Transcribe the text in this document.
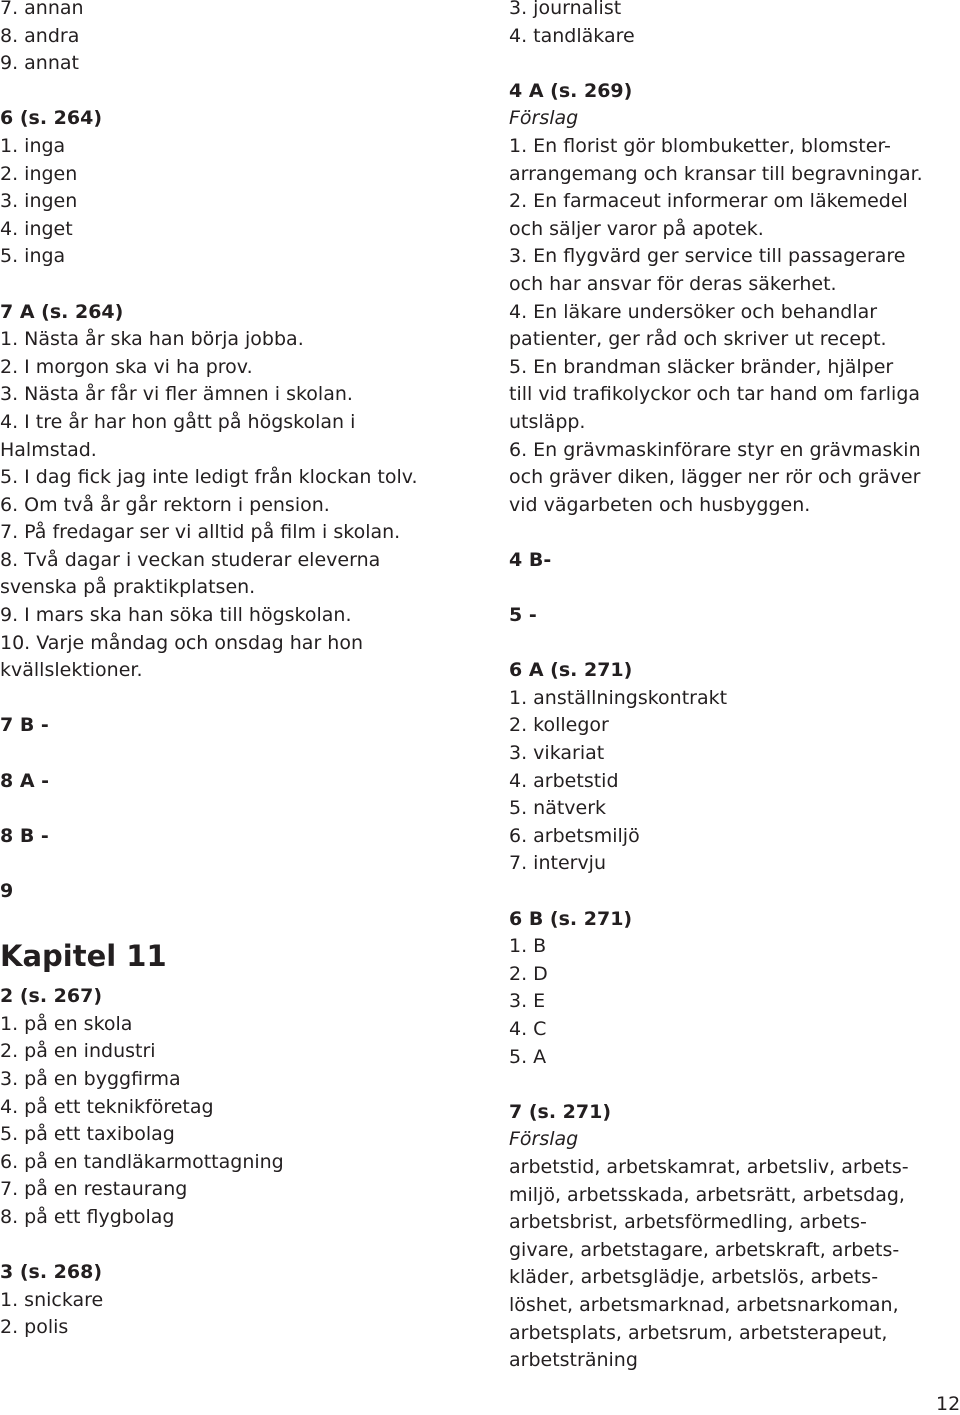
7. annan
8. andra
9. annat
6 (s. 264)
1. inga
2. ingen
3. ingen
4. inget
5. inga
7 A (s. 264)
1. Nästa år ska han börja jobba.
2. I morgon ska vi ha prov.
3. Nästa år får vi fler ämnen i skolan.
4. I tre år har hon gått på högskolan i
Halmstad.
5. I dag fick jag inte ledigt från klockan tolv.
6. Om två år går rektorn i pension.
7. På fredagar ser vi alltid på film i skolan.
8. Två dagar i veckan studerar eleverna
svenska på praktikplatsen.
9. I mars ska han söka till högskolan.
10. Varje måndag och onsdag har hon
kvällslektioner.
7 B -
8 A -
8 B -
9
Kapitel 11
2 (s. 267)
1. på en skola
2. på en industri
3. på en byggfirma
4. på ett teknikföretag
5. på ett taxibolag
6. på en tandläkarmottagning
7. på en restaurang
8. på ett flygbolag
3 (s. 268)
1. snickare
2. polis
3. journalist
4. tandläkare
4 A (s. 269)
Förslag
1. En florist gör blombuketter, blomster-
arrangemang och kransar till begravningar.
2. En farmaceut informerar om läkemedel
och säljer varor på apotek.
3. En flygvärd ger service till passagerare
och har ansvar för deras säkerhet.
4. En läkare undersöker och behandlar
patienter, ger råd och skriver ut recept.
5. En brandman släcker bränder, hjälper
till vid trafikolyckor och tar hand om farliga
utsläpp.
6. En grävmaskinförare styr en grävmaskin
och gräver diken, lägger ner rör och gräver
vid vägarbeten och husbyggen.
4 B-
5 -
6 A (s. 271)
1. anställningskontrakt
2. kollegor
3. vikariat
4. arbetstid
5. nätverk
6. arbetsmiljö
7. intervju
6 B (s. 271)
1. B
2. D
3. E
4. C
5. A
7 (s. 271)
Förslag
arbetstid, arbetskamrat, arbetsliv, arbets-
miljö, arbetsskada, arbetsrätt, arbetsdag,
arbetsbrist, arbetsförmedling, arbets-
givare, arbetstagare, arbetskraft, arbets-
kläder, arbetsglädje, arbetslös, arbets-
löshet, arbetsmarknad, arbetsnarkoman,
arbetsplats, arbetsrum, arbetsterapeut,
arbetsträning
12
